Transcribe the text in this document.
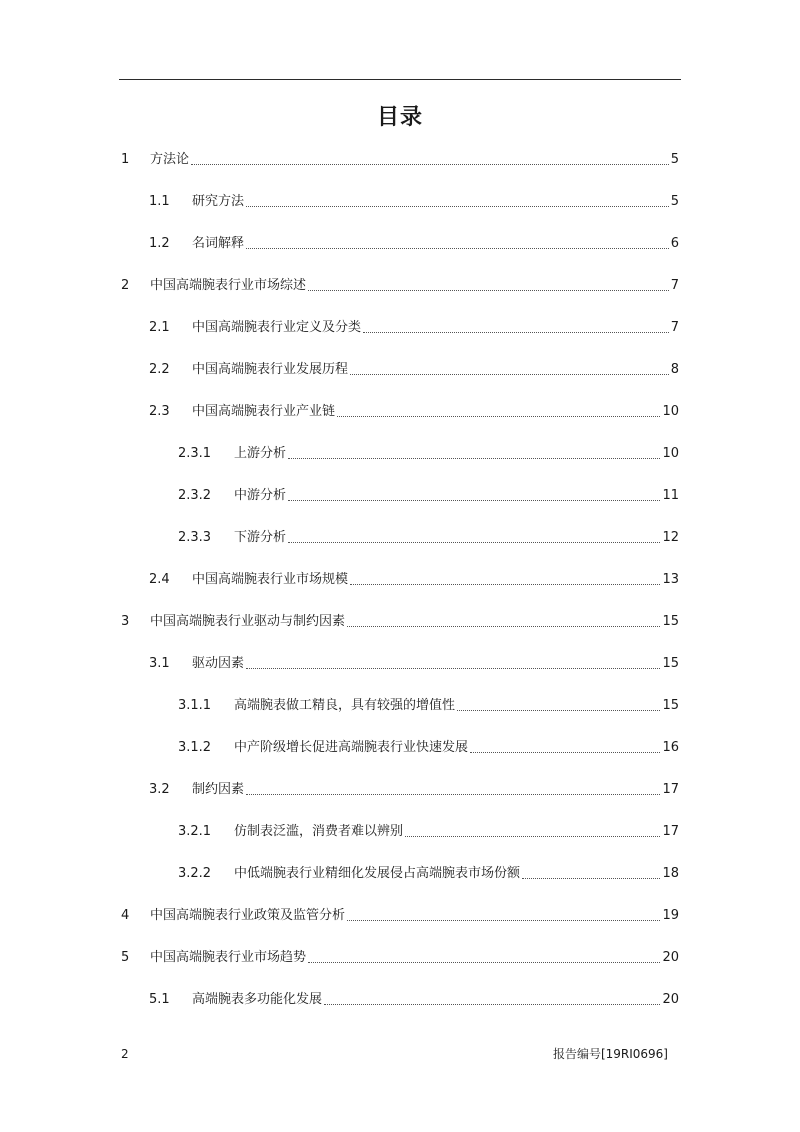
目录
1	方法论	5
1.1	研究方法	5
1.2	名词解释	6
2	中国高端腕表行业市场综述	7
2.1	中国高端腕表行业定义及分类	7
2.2	中国高端腕表行业发展历程	8
2.3	中国高端腕表行业产业链	10
2.3.1	上游分析	10
2.3.2	中游分析	11
2.3.3	下游分析	12
2.4	中国高端腕表行业市场规模	13
3	中国高端腕表行业驱动与制约因素	15
3.1	驱动因素	15
3.1.1	高端腕表做工精良，具有较强的增值性	15
3.1.2	中产阶级增长促进高端腕表行业快速发展	16
3.2	制约因素	17
3.2.1	仿制表泛滥，消费者难以辨别	17
3.2.2	中低端腕表行业精细化发展侵占高端腕表市场份额	18
4	中国高端腕表行业政策及监管分析	19
5	中国高端腕表行业市场趋势	20
5.1	高端腕表多功能化发展	20
2	报告编号[19RI0696]
